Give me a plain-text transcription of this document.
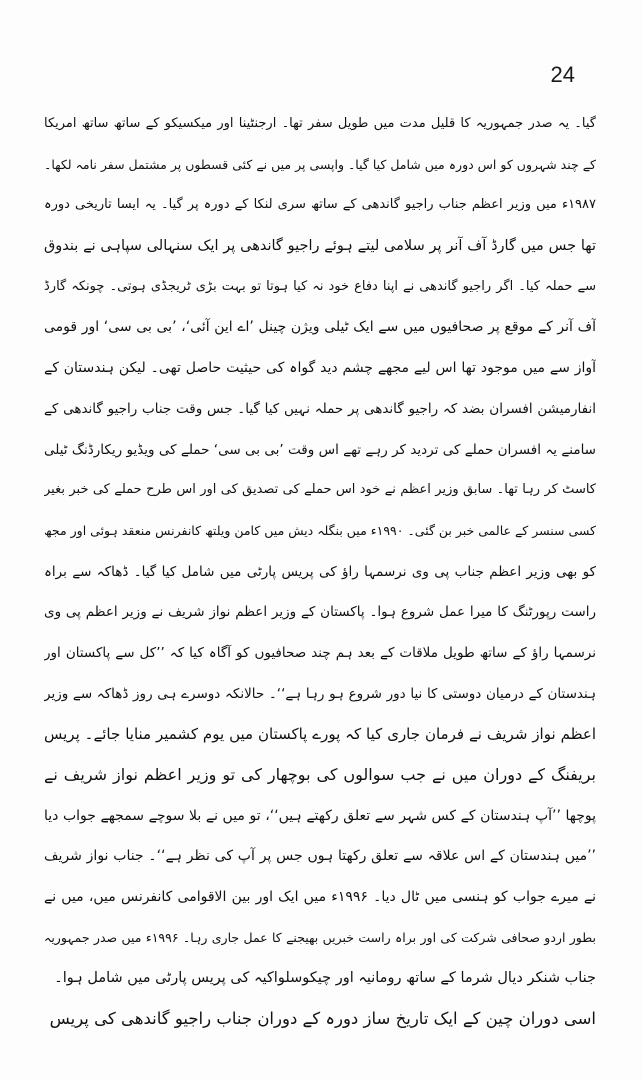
24
گیا۔ یہ صدر جمہوریہ کا قلیل مدت میں طویل سفر تھا۔ ارجنٹینا اور میکسیکو کے ساتھ ساتھ امریکا
کے چند شہروں کو اس دورہ میں شامل کیا گیا۔ واپسی پر میں نے کئی قسطوں پر مشتمل سفر نامہ لکھا۔
۱۹۸۷ء میں وزیر اعظم جناب راجیو گاندھی کے ساتھ سری لنکا کے دورہ پر گیا۔ یہ ایسا تاریخی دورہ
تھا جس میں گارڈ آف آنر پر سلامی لیتے ہوئے راجیو گاندھی پر ایک سنہالی سپاہی نے بندوق
سے حملہ کیا۔ اگر راجیو گاندھی نے اپنا دفاع خود نہ کیا ہوتا تو بہت بڑی ٹریجڈی ہوتی۔ چونکہ گارڈ
آف آنر کے موقع پر صحافیوں میں سے ایک ٹیلی ویژن چینل ’اے این آئی‘، ’بی بی سی‘ اور قومی
آواز سے میں موجود تھا اس لیے مجھے چشم دید گواہ کی حیثیت حاصل تھی۔ لیکن ہندستان کے
انفارمیشن افسران بضد کہ راجیو گاندھی پر حملہ نہیں کیا گیا۔ جس وقت جناب راجیو گاندھی کے
سامنے یہ افسران حملے کی تردید کر رہے تھے اس وقت ’بی بی سی‘ حملے کی ویڈیو ریکارڈنگ ٹیلی
کاسٹ کر رہا تھا۔ سابق وزیر اعظم نے خود اس حملے کی تصدیق کی اور اس طرح حملے کی خبر بغیر
کسی سنسر کے عالمی خبر بن گئی۔ ۱۹۹۰ء میں بنگلہ دیش میں کامن ویلتھ کانفرنس منعقد ہوئی اور مجھ
کو بھی وزیر اعظم جناب پی وی نرسمہا راؤ کی پریس پارٹی میں شامل کیا گیا۔ ڈھاکہ سے براہ
راست رپورٹنگ کا میرا عمل شروع ہوا۔ پاکستان کے وزیر اعظم نواز شریف نے وزیر اعظم پی وی
نرسمہا راؤ کے ساتھ طویل ملاقات کے بعد ہم چند صحافیوں کو آگاہ کیا کہ ’’کل سے پاکستان اور
ہندستان کے درمیان دوستی کا نیا دور شروع ہو رہا ہے‘‘۔ حالانکہ دوسرے ہی روز ڈھاکہ سے وزیر
اعظم نواز شریف نے فرمان جاری کیا کہ پورے پاکستان میں یوم کشمیر منایا جائے۔ پریس
بریفنگ کے دوران میں نے جب سوالوں کی بوچھار کی تو وزیر اعظم نواز شریف نے
پوچھا ’’آپ ہندستان کے کس شہر سے تعلق رکھتے ہیں‘‘، تو میں نے بلا سوچے سمجھے جواب دیا
’’میں ہندستان کے اس علاقہ سے تعلق رکھتا ہوں جس پر آپ کی نظر ہے‘‘۔ جناب نواز شریف
نے میرے جواب کو ہنسی میں ٹال دیا۔ ۱۹۹۶ء میں ایک اور بین الاقوامی کانفرنس میں، میں نے
بطور اردو صحافی شرکت کی اور براہ راست خبریں بھیجنے کا عمل جاری رہا۔ ۱۹۹۶ء میں صدر جمہوریہ
جناب شنکر دیال شرما کے ساتھ رومانیہ اور چیکوسلواکیہ کی پریس پارٹی میں شامل ہوا۔
اسی دوران چین کے ایک تاریخ ساز دورہ کے دوران جناب راجیو گاندھی کی پریس
